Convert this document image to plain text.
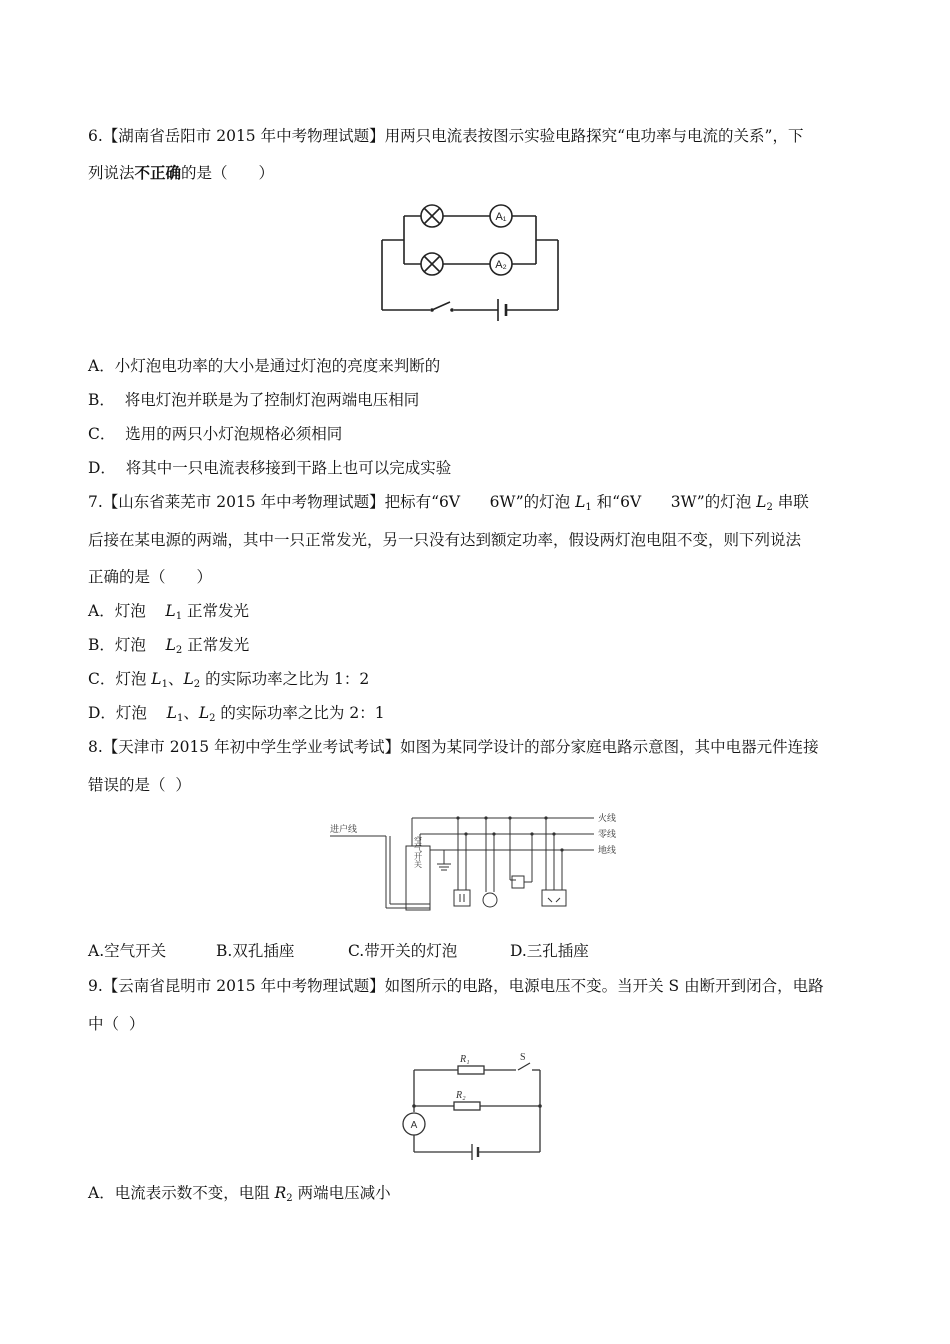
6.【湖南省岳阳市 2015 年中考物理试题】用两只电流表按图示实验电路探究“电功率与电流的关系”，下
列说法不正确的是（　　）
A₁
A₂
A．小灯泡电功率的大小是通过灯泡的亮度来判断的
B．  将电灯泡并联是为了控制灯泡两端电压相同
C．  选用的两只小灯泡规格必须相同
D．  将其中一只电流表移接到干路上也可以完成实验
7.【山东省莱芜市 2015 年中考物理试题】把标有“6V      6W”的灯泡 $L_1$ 和“6V      3W”的灯泡 $L_2$ 串联
后接在某电源的两端，其中一只正常发光，另一只没有达到额定功率，假设两灯泡电阻不变，则下列说法
正确的是（　　）
A．灯泡    $L_1$ 正常发光
B．灯泡    $L_2$ 正常发光
C．灯泡 $L_1$、$L_2$ 的实际功率之比为 1：2
D．灯泡    $L_1$、$L_2$ 的实际功率之比为 2：1
8.【天津市 2015 年初中学生学业考试考试】如图为某同学设计的部分家庭电路示意图，其中电器元件连接
错误的是（  ）
进户线
火线
零线
地线
空气开关
A.空气开关	B.双孔插座	C.带开关的灯泡	D.三孔插座
9.【云南省昆明市 2015 年中考物理试题】如图所示的电路，电源电压不变。当开关 S 由断开到闭合，电路
中（  ）
R₁
R₂
S
A
A．电流表示数不变，电阻 $R_2$ 两端电压减小
